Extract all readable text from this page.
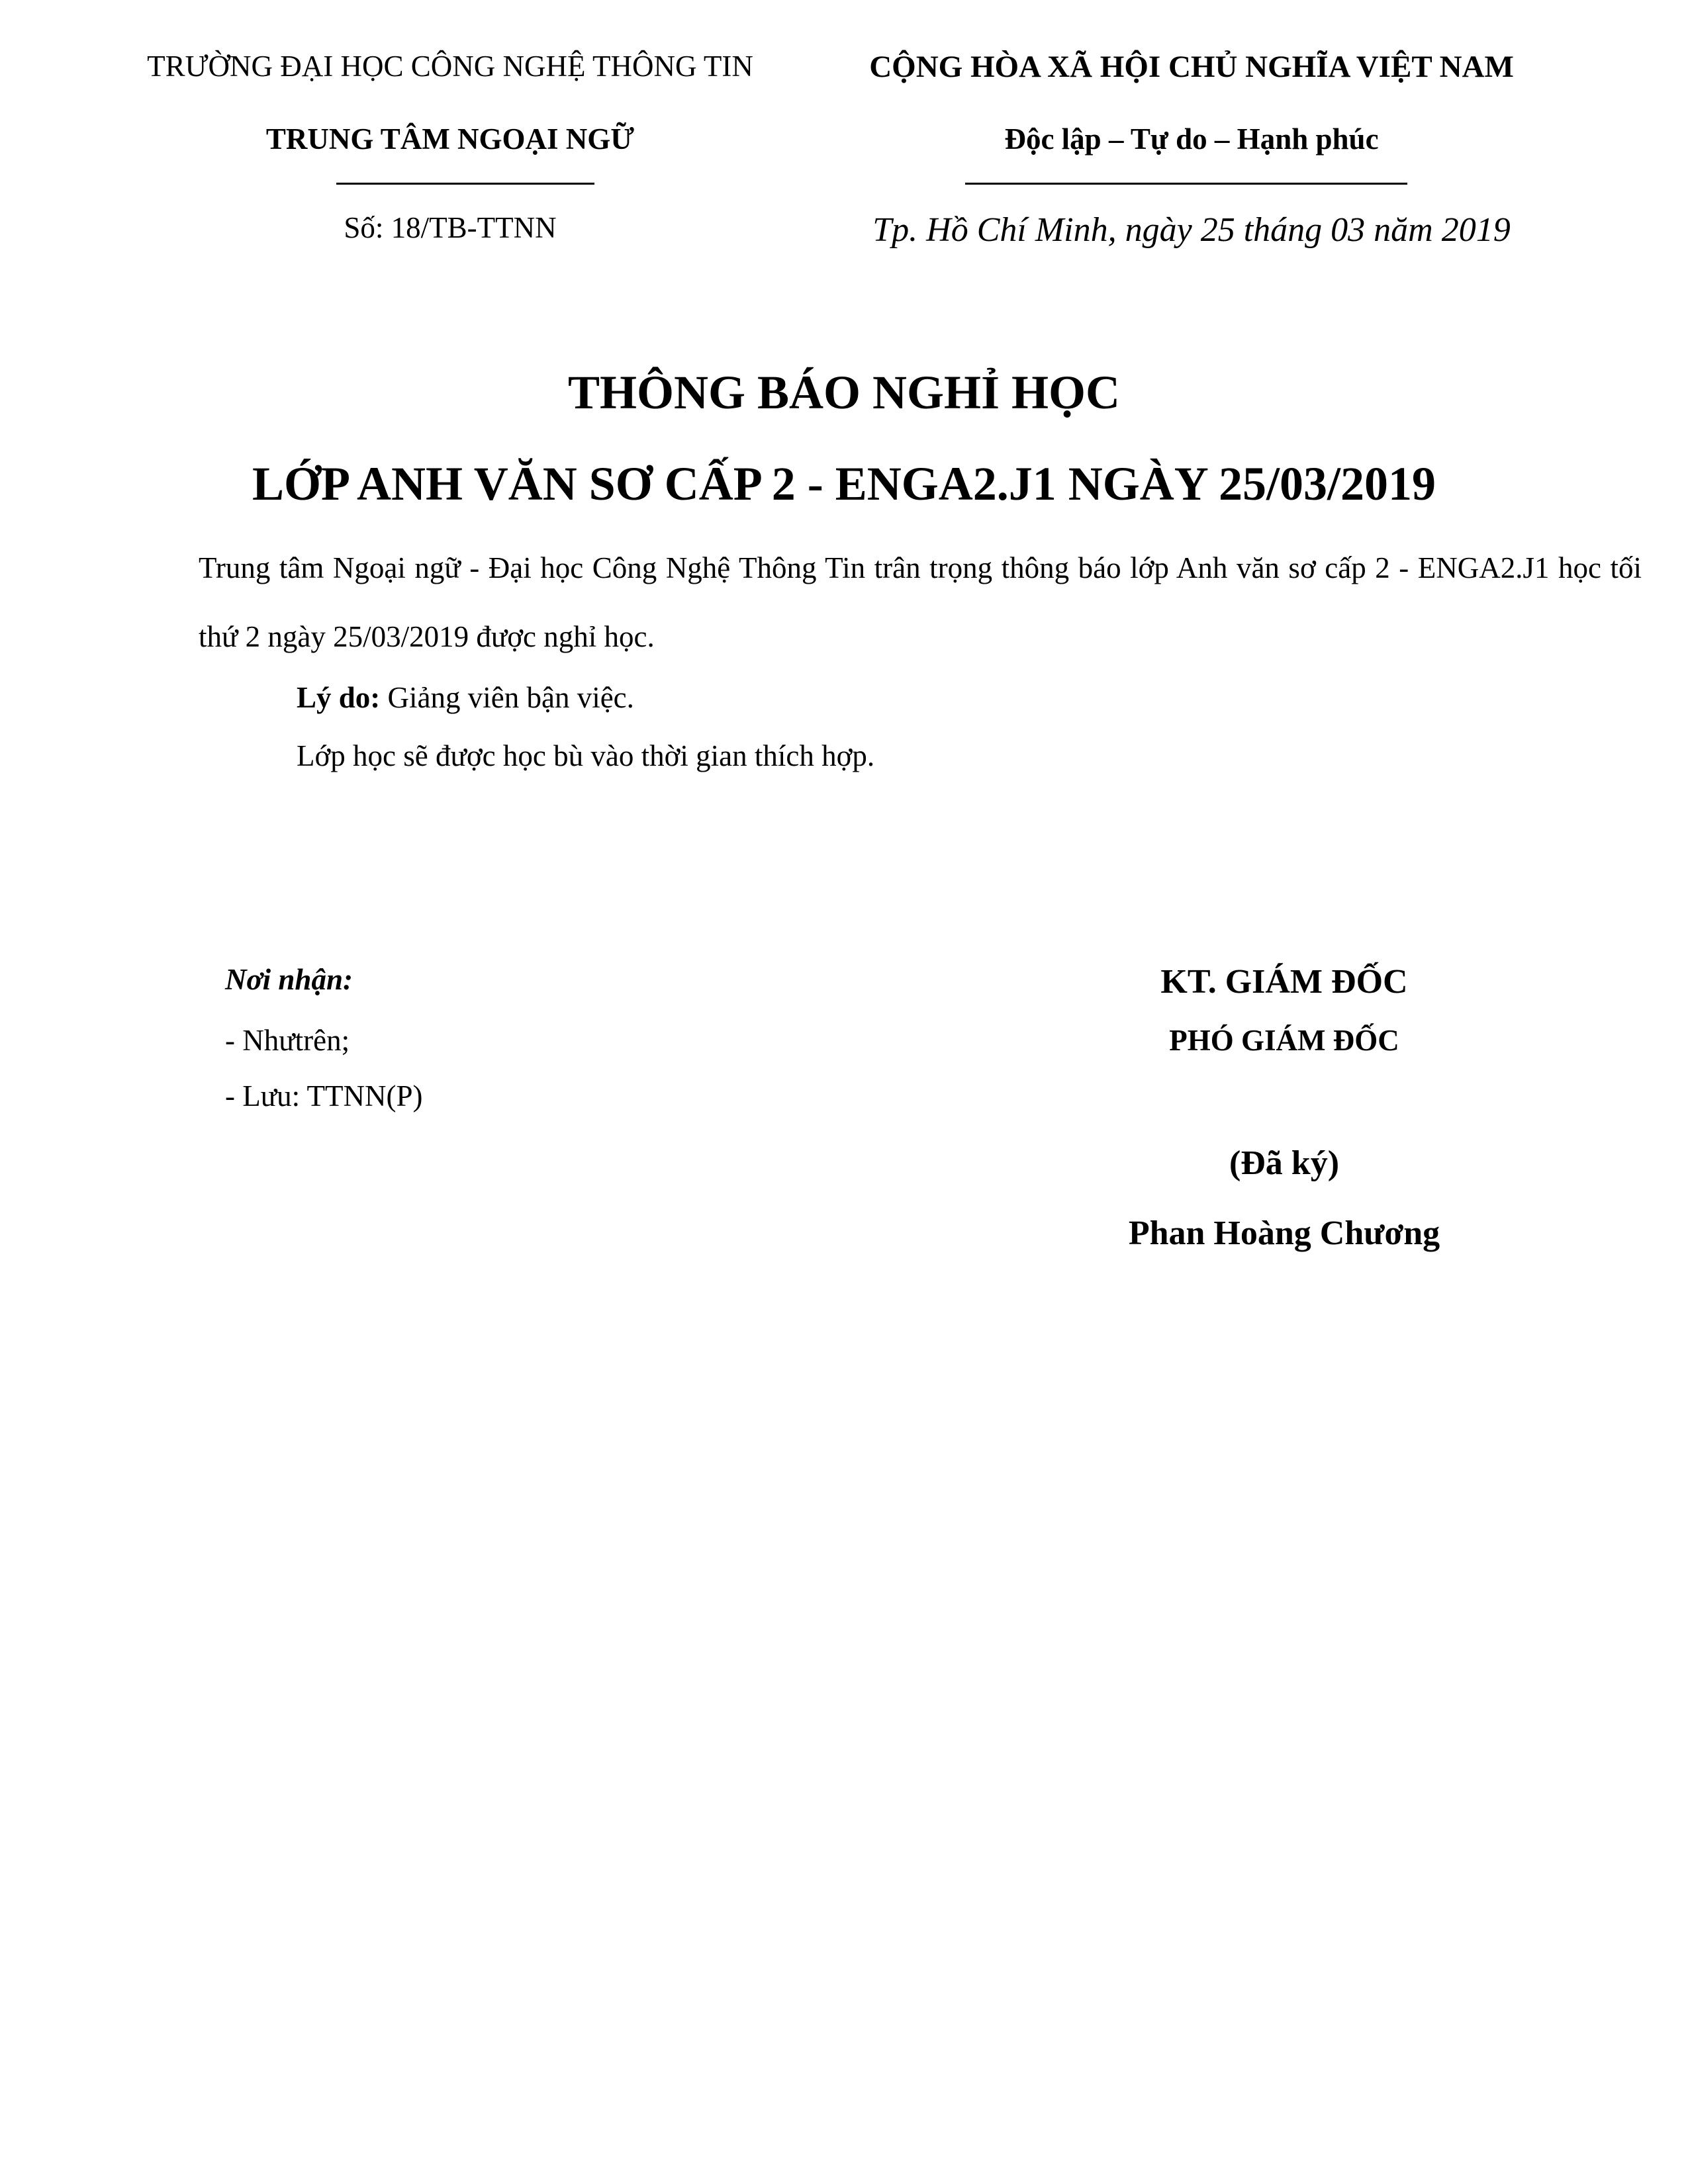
TRƯỜNG ĐẠI HỌC CÔNG NGHỆ THÔNG TIN
TRUNG TÂM NGOẠI NGỮ
Số: 18/TB-TTNN
CỘNG HÒA XÃ HỘI CHỦ NGHĨA VIỆT NAM
Độc lập – Tự do – Hạnh phúc
Tp. Hồ Chí Minh, ngày 25 tháng 03 năm 2019
THÔNG BÁO NGHỈ HỌC
LỚP ANH VĂN SƠ CẤP 2 - ENGA2.J1 NGÀY 25/03/2019
Trung tâm Ngoại ngữ - Đại học Công Nghệ Thông Tin trân trọng thông báo lớp Anh văn sơ cấp 2 - ENGA2.J1 học tối thứ 2 ngày 25/03/2019 được nghỉ học.
Lý do: Giảng viên bận việc.
Lớp học sẽ được học bù vào thời gian thích hợp.
Nơi nhận:
- Nhưtrên;
- Lưu: TTNN(P)
KT. GIÁM ĐỐC
PHÓ GIÁM ĐỐC
(Đã ký)
Phan Hoàng Chương
